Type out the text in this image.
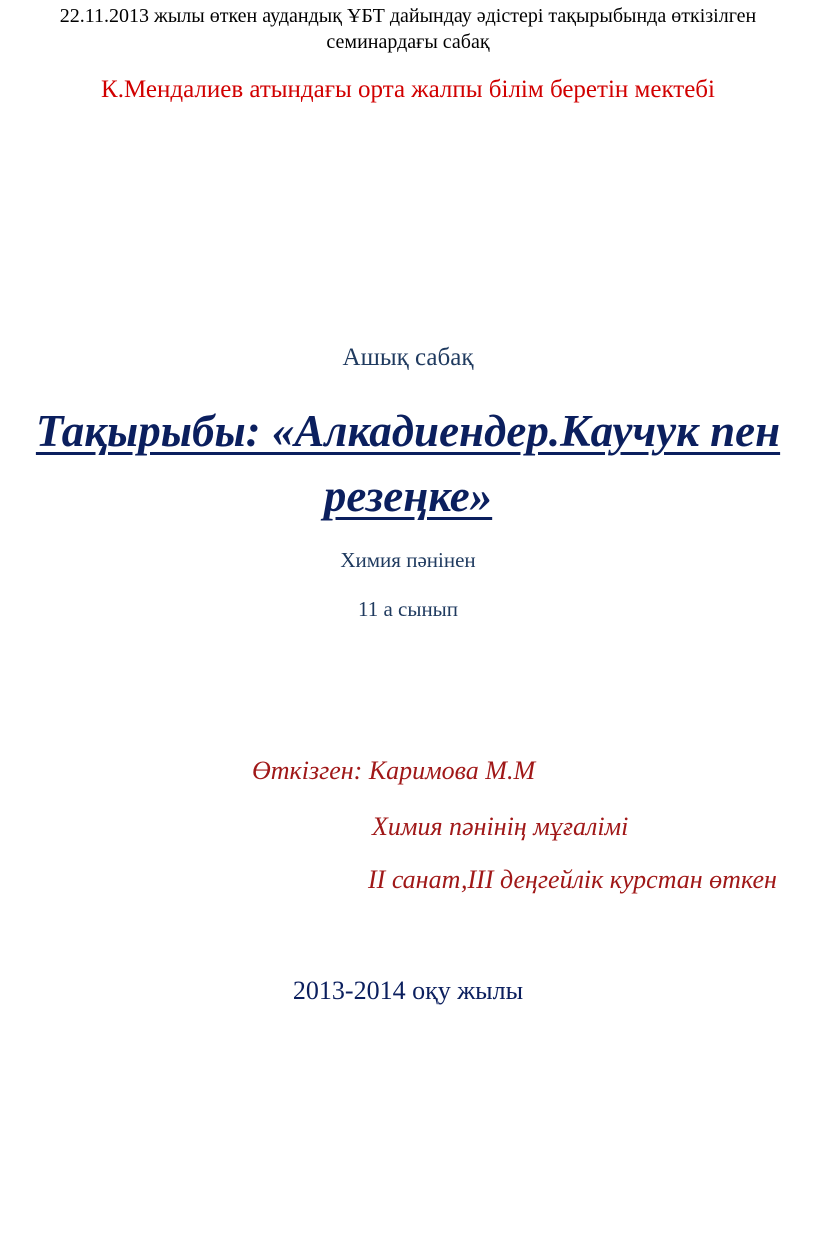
22.11.2013 жылы өткен аудандық ҰБТ дайындау әдістері тақырыбында өткізілген
семинардағы сабақ
К.Мендалиев атындағы орта жалпы білім беретін мектебі
Ашық сабақ
Тақырыбы: «Алкадиендер.Каучук пен
резеңке»
Химия пәнінен
11 а сынып
Өткізген: Каримова М.М
Химия пәнінің мұғалімі
ІІ санат,ІІІ деңгейлік курстан өткен
2013-2014 оқу жылы
